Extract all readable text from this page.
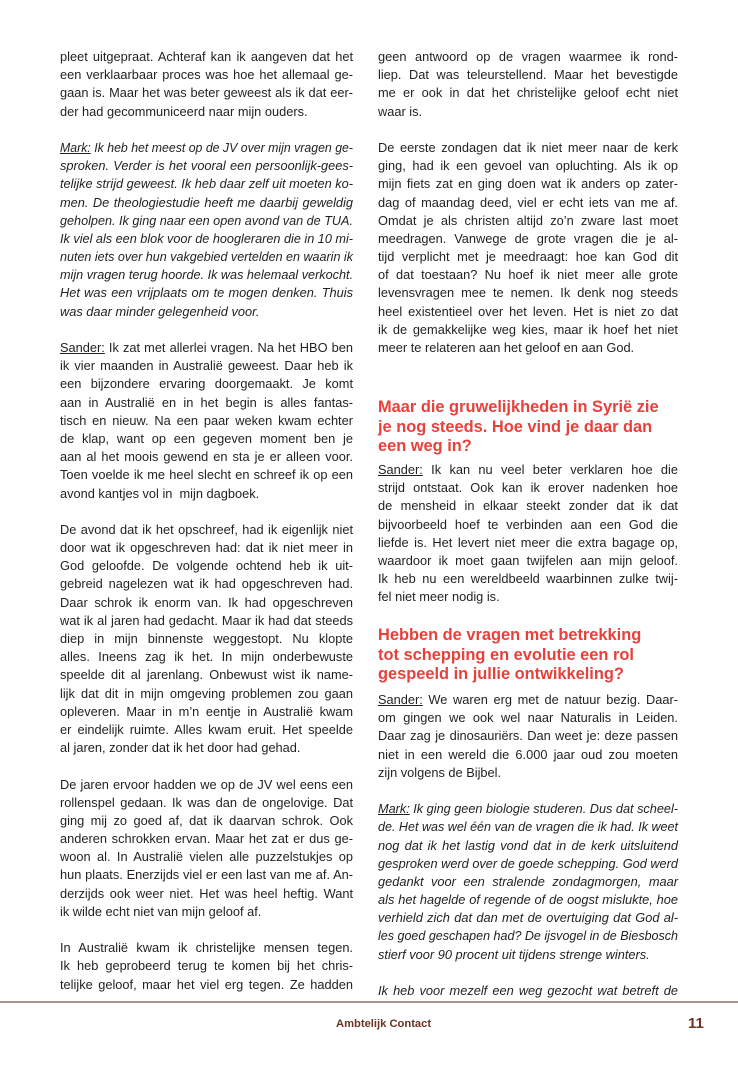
pleet uitgepraat. Achteraf kan ik aangeven dat het
een verklaarbaar proces was hoe het allemaal ge-
gaan is. Maar het was beter geweest als ik dat eer-
der had gecommuniceerd naar mijn ouders.
Mark: Ik heb het meest op de JV over mijn vragen ge-
sproken. Verder is het vooral een persoonlijk-gees-
telijke strijd geweest. Ik heb daar zelf uit moeten ko-
men. De theologiestudie heeft me daarbij geweldig
geholpen. Ik ging naar een open avond van de TUA.
Ik viel als een blok voor de hoogleraren die in 10 mi-
nuten iets over hun vakgebied vertelden en waarin ik
mijn vragen terug hoorde. Ik was helemaal verkocht.
Het was een vrijplaats om te mogen denken. Thuis
was daar minder gelegenheid voor.
Sander: Ik zat met allerlei vragen. Na het HBO ben
ik vier maanden in Australië geweest. Daar heb ik
een bijzondere ervaring doorgemaakt. Je komt
aan in Australië en in het begin is alles fantas-
tisch en nieuw. Na een paar weken kwam echter
de klap, want op een gegeven moment ben je
aan al het moois gewend en sta je er alleen voor.
Toen voelde ik me heel slecht en schreef ik op een
avond kantjes vol in  mijn dagboek.
De avond dat ik het opschreef, had ik eigenlijk niet
door wat ik opgeschreven had: dat ik niet meer in
God geloofde. De volgende ochtend heb ik uit-
gebreid nagelezen wat ik had opgeschreven had.
Daar schrok ik enorm van. Ik had opgeschreven
wat ik al jaren had gedacht. Maar ik had dat steeds
diep in mijn binnenste weggestopt. Nu klopte
alles. Ineens zag ik het. In mijn onderbewuste
speelde dit al jarenlang. Onbewust wist ik name-
lijk dat dit in mijn omgeving problemen zou gaan
opleveren. Maar in m’n eentje in Australië kwam
er eindelijk ruimte. Alles kwam eruit. Het speelde
al jaren, zonder dat ik het door had gehad.
De jaren ervoor hadden we op de JV wel eens een
rollenspel gedaan. Ik was dan de ongelovige. Dat
ging mij zo goed af, dat ik daarvan schrok. Ook
anderen schrokken ervan. Maar het zat er dus ge-
woon al. In Australië vielen alle puzzelstukjes op
hun plaats. Enerzijds viel er een last van me af. An-
derzijds ook weer niet. Het was heel heftig. Want
ik wilde echt niet van mijn geloof af.
In Australië kwam ik christelijke mensen tegen.
Ik heb geprobeerd terug te komen bij het chris-
telijke geloof, maar het viel erg tegen. Ze hadden
geen antwoord op de vragen waarmee ik rond-
liep. Dat was teleurstellend. Maar het bevestigde
me er ook in dat het christelijke geloof echt niet
waar is.
De eerste zondagen dat ik niet meer naar de kerk
ging, had ik een gevoel van opluchting. Als ik op
mijn fiets zat en ging doen wat ik anders op zater-
dag of maandag deed, viel er echt iets van me af.
Omdat je als christen altijd zo’n zware last moet
meedragen. Vanwege de grote vragen die je al-
tijd verplicht met je meedraagt: hoe kan God dit
of dat toestaan? Nu hoef ik niet meer alle grote
levensvragen mee te nemen. Ik denk nog steeds
heel existentieel over het leven. Het is niet zo dat
ik de gemakkelijke weg kies, maar ik hoef het niet
meer te relateren aan het geloof en aan God.
Maar die gruwelijkheden in Syrië zie
je nog steeds. Hoe vind je daar dan
een weg in?
Sander: Ik kan nu veel beter verklaren hoe die
strijd ontstaat. Ook kan ik erover nadenken hoe
de mensheid in elkaar steekt zonder dat ik dat
bijvoorbeeld hoef te verbinden aan een God die
liefde is. Het levert niet meer die extra bagage op,
waardoor ik moet gaan twijfelen aan mijn geloof.
Ik heb nu een wereldbeeld waarbinnen zulke twij-
fel niet meer nodig is.
Hebben de vragen met betrekking
tot schepping en evolutie een rol
gespeeld in jullie ontwikkeling?
Sander: We waren erg met de natuur bezig. Daar-
om gingen we ook wel naar Naturalis in Leiden.
Daar zag je dinosauriërs. Dan weet je: deze passen
niet in een wereld die 6.000 jaar oud zou moeten
zijn volgens de Bijbel.
Mark: Ik ging geen biologie studeren. Dus dat scheel-
de. Het was wel één van de vragen die ik had. Ik weet
nog dat ik het lastig vond dat in de kerk uitsluitend
gesproken werd over de goede schepping. God werd
gedankt voor een stralende zondagmorgen, maar
als het hagelde of regende of de oogst mislukte, hoe
verhield zich dat dan met de overtuiging dat God al-
les goed geschapen had? De ijsvogel in de Biesbosch
stierf voor 90 procent uit tijdens strenge winters.
Ik heb voor mezelf een weg gezocht wat betreft de
Ambtelijk Contact	11
